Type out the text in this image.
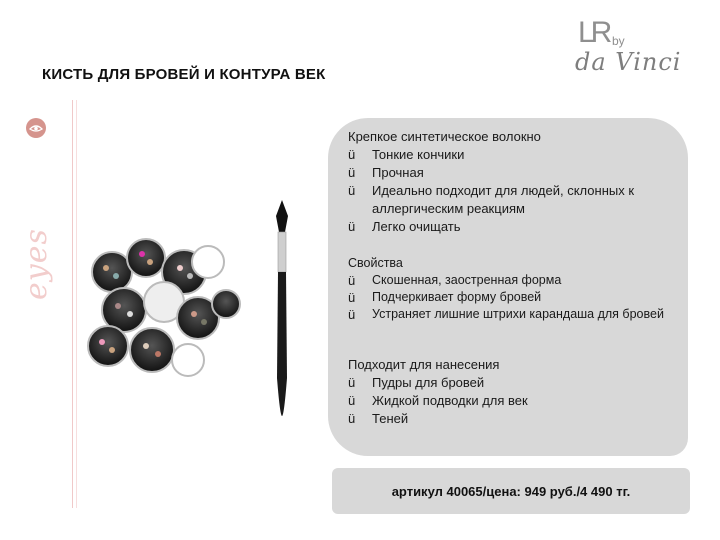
КИСТЬ ДЛЯ БРОВЕЙ И КОНТУРА ВЕК
LR by
da Vinci
eyes
Крепкое синтетическое волокно
ü Тонкие кончики
ü Прочная
ü Идеально подходит для людей, склонных к аллергическим реакциям
ü Легко очищать
Свойства
ü Скошенная, заостренная форма
ü Подчеркивает форму бровей
ü Устраняет лишние штрихи карандаша для бровей
Подходит для нанесения
ü Пудры для бровей
ü Жидкой подводки для век
ü Теней
артикул 40065/цена: 949 руб./4 490 тг.
